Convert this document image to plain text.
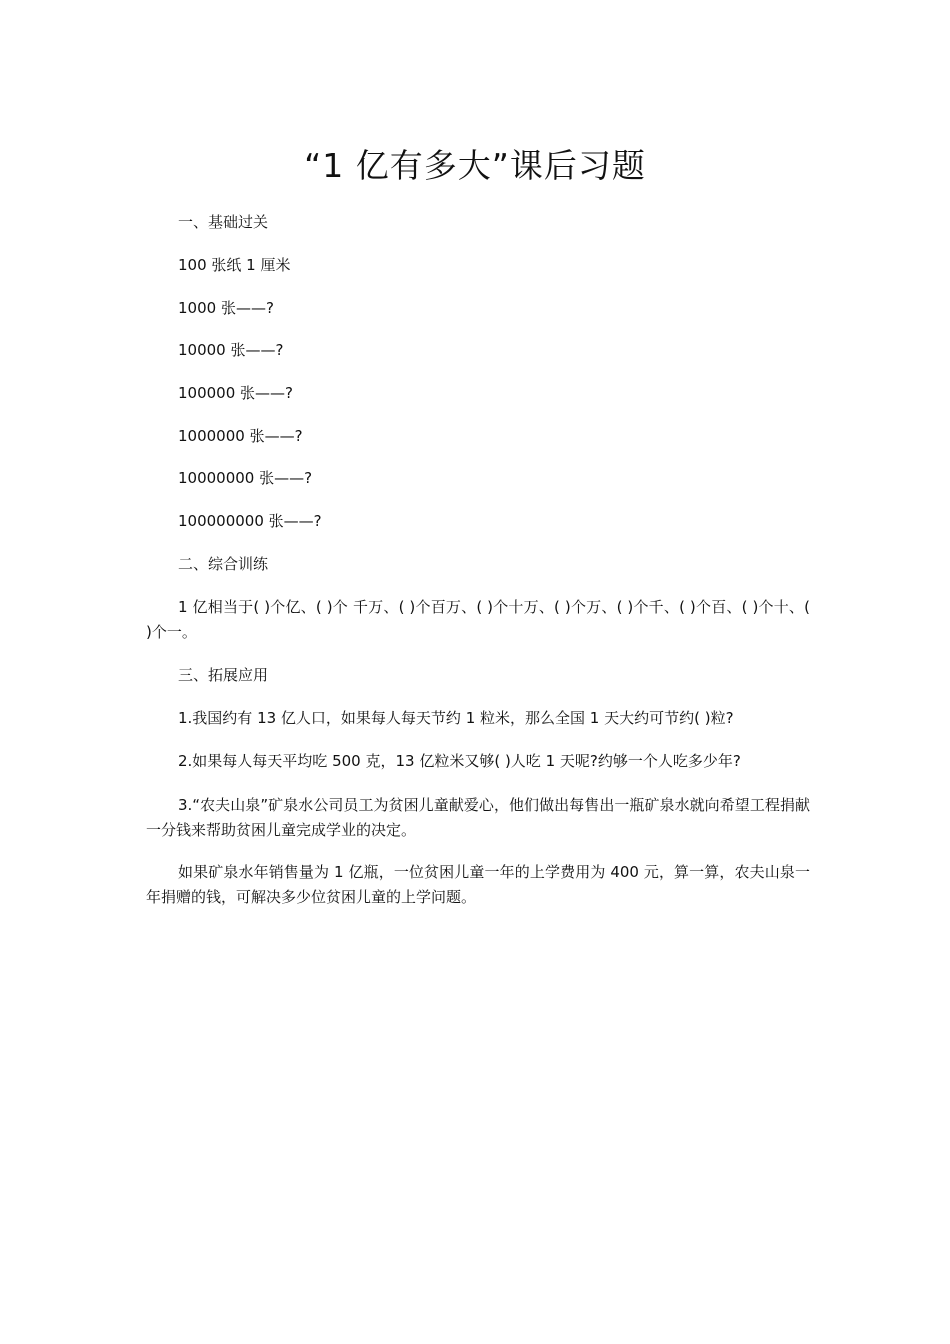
“1 亿有多大”课后习题
一、基础过关
100 张纸 1 厘米
1000 张——?
10000 张——?
100000 张——?
1000000 张——?
10000000 张——?
100000000 张——?
二、综合训练
1 亿相当于( )个亿、( )个 千万、( )个百万、( )个十万、( )个万、( )个千、( )个百、( )个十、( )个一。
三、拓展应用
1.我国约有 13 亿人口，如果每人每天节约 1 粒米，那么全国 1 天大约可节约( )粒?
2.如果每人每天平均吃 500 克，13 亿粒米又够( )人吃 1 天呢?约够一个人吃多少年?
3.“农夫山泉”矿泉水公司员工为贫困儿童献爱心，他们做出每售出一瓶矿泉水就向希望工程捐献一分钱来帮助贫困儿童完成学业的决定。
如果矿泉水年销售量为 1 亿瓶，一位贫困儿童一年的上学费用为 400 元，算一算，农夫山泉一年捐赠的钱，可解决多少位贫困儿童的上学问题。
